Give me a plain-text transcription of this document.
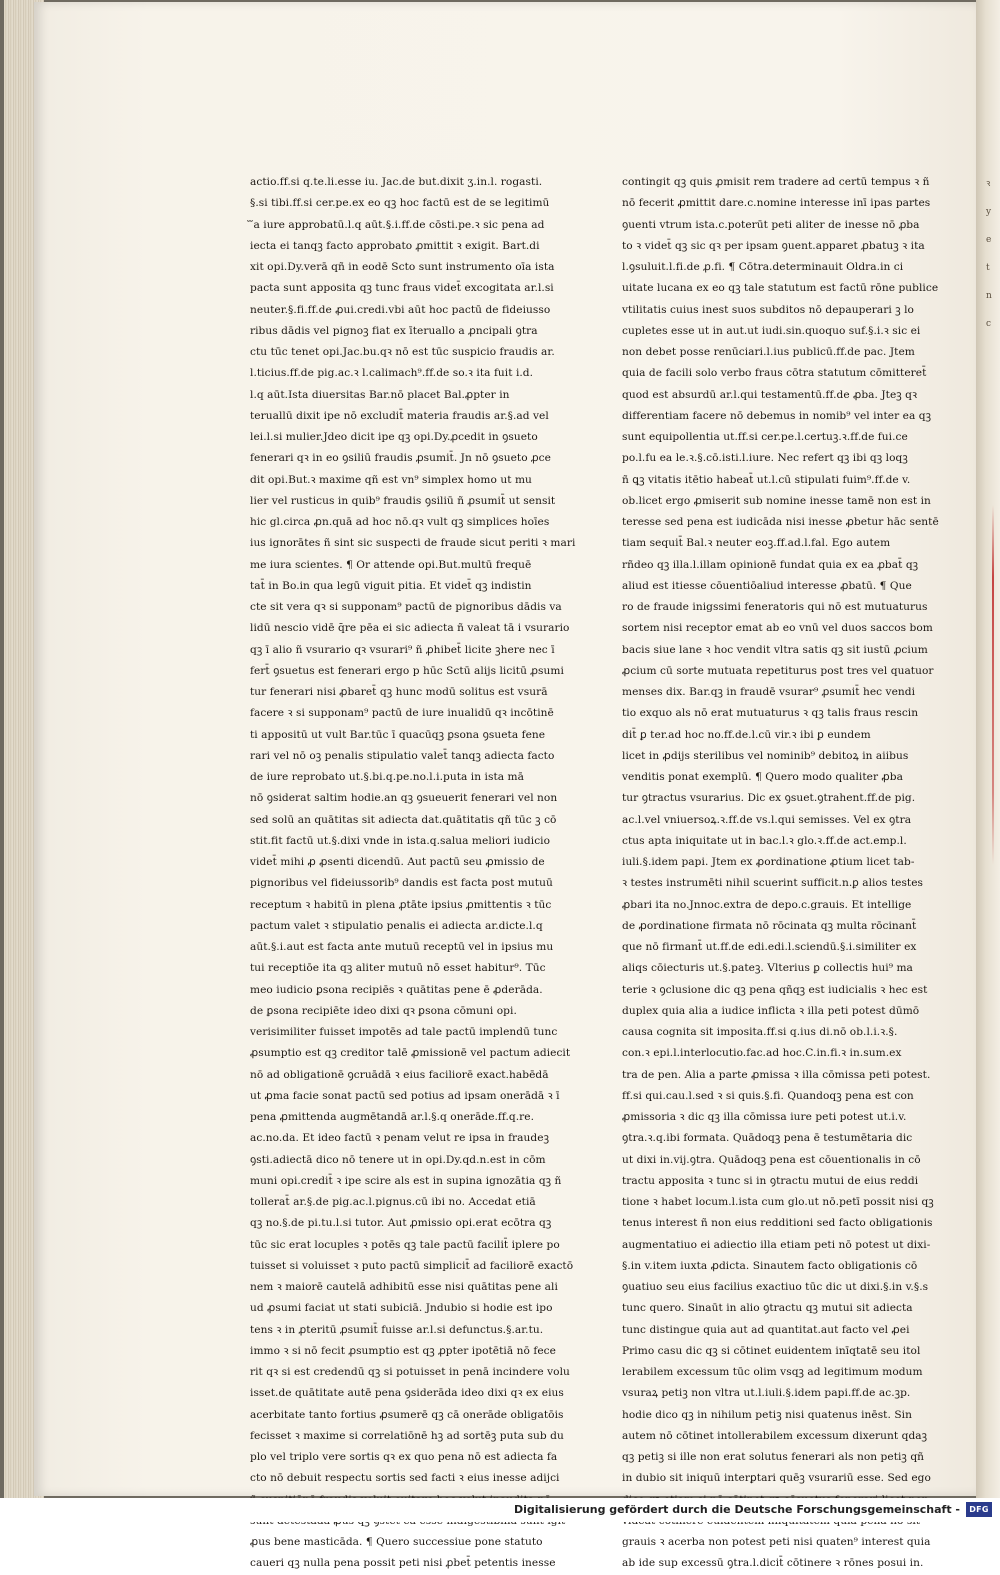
ꝛ
y
e
t
n
c
actio.ff.si q.te.li.esse iu. Jac.de but.dixit ʒ.in.l. rogasti.
§.si tibi.ff.si cer.pe.ex eo qꝫ hoc factū est de se legitimū
ᷓ a iure approbatū.l.q aūt.§.i.ff.de cōsti.pe.ꝛ sic pena ad
iecta ei tanqꝫ facto approbato ꝓmittit ꝛ exigit. Bart.di
xit opi.Dy.verā qñ in eodē Scto sunt instrumento oīa ista
pacta sunt apposita qꝫ tunc fraus videt̄ excogitata ar.l.si
neuter.§.fi.ff.de ꝓui.credi.vbi aūt hoc pactū de fideiusso
ribus dādis vel pignoꝫ fiat ex īteruallo a ꝓncipali ꝯtra
ctu tūc tenet opi.Jac.bu.qꝛ nō est tūc suspicio fraudis ar.
l.ticius.ff.de pig.ac.ꝛ l.calimach⁹.ff.de so.ꝛ ita fuit i.d.
l.q aūt.Ista diuersitas Bar.nō placet Bal.ꝓpter in
teruallū dixit ipe nō excludit̄ materia fraudis ar.§.ad vel
lei.l.si mulier.Jdeo dicit ipe qꝫ opi.Dy.ꝓcedit in ꝯsueto
fenerari qꝛ in eo ꝯsiliū fraudis ꝓsumit̄. Jn nō ꝯsueto ꝓce
dit opi.But.ꝛ maxime qñ est vn⁹ simplex homo ut mu
lier vel rusticus in quib⁹ fraudis ꝯsiliū ñ ꝓsumit̄ ut sensit
hic gl.circa ꝓn.quā ad hoc nō.qꝛ vult qꝫ simplices hoīes
ius ignorātes ñ sint sic suspecti de fraude sicut periti ꝛ mari
me iura scientes. ¶ Or attende opi.But.multū frequē
tat̄ in Bo.in qua legū viguit pitia. Et videt̄ qꝫ indistin
cte sit vera qꝛ si supponam⁹ pactū de pignoribus dādis va
lidū nescio vidē q̄re pēa ei sic adiecta ñ valeat tā i vsurario
qꝫ ī alio ñ vsurario qꝛ vsurari⁹ ñ ꝓhibet̄ licite ꝫhere nec ī
fert̄ ꝯsuetus est fenerari ergo p hūc Sctū alijs licitū ꝓsumi
tur fenerari nisi ꝓbaret̄ qꝫ hunc modū solitus est vsurā
facere ꝛ si supponam⁹ pactū de iure inualidū qꝛ incōtinē
ti appositū ut vult Bar.tūc ī quacūqꝫ ꝑsona ꝯsueta fene
rari vel nō oꝫ penalis stipulatio valet̄ tanqꝫ adiecta facto
de iure reprobato ut.§.bi.q.pe.no.l.i.puta in ista mā
nō ꝯsiderat saltim hodie.an qꝫ ꝯsueuerit fenerari vel non
sed solū an quātitas sit adiecta dat.quātitatis qñ tūc ꝫ cō
stit.fit factū ut.§.dixi vnde in ista.q.salua meliori iudicio
videt̄ mihi ꝓ ꝓsenti dicendū. Aut pactū seu ꝓmissio de
pignoribus vel fideiussorib⁹ dandis est facta post mutuū
receptum ꝛ habitū in plena ꝓtāte ipsius ꝓmittentis ꝛ tūc
pactum valet ꝛ stipulatio penalis ei adiecta ar.dicte.l.q
aūt.§.i.aut est facta ante mutuū receptū vel in ipsius mu
tui receptiōe ita qꝫ aliter mutuū nō esset habitur⁹. Tūc
meo iudicio ꝑsona recipiēs ꝛ quātitas pene ē ꝓderāda.
de ꝑsona recipiēte ideo dixi qꝛ ꝑsona cōmuni opi.
verisimiliter fuisset impotēs ad tale pactū implendū tunc
ꝓsumptio est qꝫ creditor talē ꝓmissionē vel pactum adiecit
nō ad obligationē ꝯcruādā ꝛ eius faciliorē exact.habēdā
ut ꝓma facie sonat pactū sed potius ad ipsam onerādā ꝛ ī
pena ꝓmittenda augmētandā ar.l.§.q onerāde.ff.q.re.
ac.no.da. Et ideo factū ꝛ penam velut re ipsa in fraudeꝫ
ꝯsti.adiectā dico nō tenere ut in opi.Dy.qd.n.est in cōm
muni opi.credit̄ ꝛ ipe scire als est in supina ignozātia qꝫ ñ
tollerat̄ ar.§.de pig.ac.l.pignus.cū ibi no. Accedat etiā
qꝫ no.§.de pi.tu.l.si tutor. Aut ꝓmissio opi.erat ecōtra qꝫ
tūc sic erat locuples ꝛ potēs qꝫ tale pactū facilit̄ iplere po
tuisset si voluisset ꝛ puto pactū simplicit̄ ad faciliorē exactō
nem ꝛ maiorē cautelā adhibitū esse nisi quātitas pene ali
ud ꝓsumi faciat ut stati subiciā. Jndubio si hodie est ipo
tens ꝛ in ꝓteritū ꝓsumit̄ fuisse ar.l.si defunctus.§.ar.tu.
immo ꝛ si nō fecit ꝓsumptio est qꝫ ꝓpter ipotētiā nō fece
rit qꝛ si est credendū qꝫ si potuisset in penā incindere volu
isset.de quātitate autē pena ꝯsiderāda ideo dixi qꝛ ex eius
acerbitate tanto fortius ꝓsumerē qꝫ cā onerāde obligatōis
fecisset ꝛ maxime si correlatiōnē hꝫ ad sortēꝫ puta sub du
plo vel triplo vere sortis qꝛ ex quo pena nō est adiecta fa
cto nō debuit respectu sortis sed facti ꝛ eius inesse adijci
ꝓus bene masticāda. ¶ Quero successiue pone statuto
caueri qꝫ nulla pena possit peti nisi ꝓbet̄ petentis inesse
contingit qꝫ quis ꝓmisit rem tradere ad certū tempus ꝛ ñ
nō fecerit ꝓmittit dare.c.nomine interesse inī ipas partes
ꝯuenti vtrum ista.c.poterūt peti aliter de inesse nō ꝓba
to ꝛ videt̄ qꝫ sic qꝛ per ipsam ꝯuent.apparet ꝓbatuꝫ ꝛ ita
l.ꝯsuluit.l.fi.de ꝓ.fi. ¶ Cōtra.determinauit Oldra.in ci
uitate lucana ex eo qꝫ tale statutum est factū rōne publice
vtilitatis cuius inest suos subditos nō depauperari ꝫ lo
cupletes esse ut in aut.ut iudi.sin.quoquo suf.§.i.ꝛ sic ei
non debet posse renūciari.l.ius publicū.ff.de pac. Jtem
quia de facili solo verbo fraus cōtra statutum cōmitteret̄
quod est absurdū ar.l.qui testamentū.ff.de ꝓba. Jteꝫ qꝛ
differentiam facere nō debemus in nomib⁹ vel inter ea qꝫ
sunt equipollentia ut.ff.si cer.pe.l.certuꝫ.ꝛ.ff.de fui.ce
po.l.fu ea le.ꝛ.§.cō.isti.l.iure. Nec refert qꝫ ibi qꝫ loqꝫ
ñ ꝗꝫ vitatis itētio habeat̄ ut.l.cū stipulati fuim⁹.ff.de v.
ob.licet ergo ꝓmiserit sub nomine inesse tamē non est in
teresse sed pena est iudicāda nisi inesse ꝓbetur hāc sentē
tiam sequit̄ Bal.ꝛ neuter eoꝫ.ff.ad.l.fal. Ego autem
rñdeo qꝫ illa.l.illam opinionē fundat quia ex ea ꝓbat̄ qꝫ
aliud est itiesse cōuentiōaliud interesse ꝓbatū. ¶ Que
ro de fraude inigssimi feneratoris qui nō est mutuaturus
sortem nisi receptor emat ab eo vnū vel duos saccos bom
bacis siue lane ꝛ hoc vendit vltra satis qꝫ sit iustū ꝓcium
ꝓcium cū sorte mutuata repetiturus post tres vel quatuor
menses dix. Bar.qꝫ in fraudē vsurar⁹ ꝓsumit̄ hec vendi
tio exquo als nō erat mutuaturus ꝛ qꝫ talis fraus rescin
dit̄ ꝑ ter.ad hoc no.ff.de.l.cū vir.ꝛ ibi ꝑ eundem
licet in ꝓdijs sterilibus vel nominib⁹ debitoꝝ in aiibus
venditis ponat exemplū. ¶ Quero modo qualiter ꝓba
tur ꝯtractus vsurarius. Dic ex ꝯsuet.ꝯtrahent.ff.de pig.
ac.l.vel vniuersoꝝ.ꝛ.ff.de vs.l.qui semisses. Vel ex ꝯtra
ctus apta iniquitate ut in bac.l.ꝛ glo.ꝛ.ff.de act.emp.l.
iuli.§.idem papi. Jtem ex ꝓordinatione ꝓtium licet tab-
ꝛ testes instrumēti nihil scuerint sufficit.n.ꝑ alios testes
ꝓbari ita no.Jnnoc.extra de depo.c.grauis. Et intellige
de ꝓordinatione firmata nō rōcinata qꝫ multa rōcinant̄
que nō firmant̄ ut.ff.de edi.edi.l.sciendū.§.i.similiter ex
aliqs cōiecturis ut.§.pateꝫ. Vlterius ꝑ collectis hui⁹ ma
terie ꝛ ꝯclusione dic qꝫ pena qñqꝫ est iudicialis ꝛ hec est
duplex quia alia a iudice inflicta ꝛ illa peti potest dūmō
causa cognita sit imposita.ff.si q.ius di.nō ob.l.i.ꝛ.§.
con.ꝛ epi.l.interlocutio.fac.ad hoc.C.in.fi.ꝛ in.sum.ex
tra de pen. Alia a parte ꝓmissa ꝛ illa cōmissa peti potest.
ff.si qui.cau.l.sed ꝛ si quis.§.fi. Quandoqꝫ pena est con
ꝓmissoria ꝛ dic qꝫ illa cōmissa iure peti potest ut.i.v.
ꝯtra.ꝛ.q.ibi formata. Quādoqꝫ pena ē testumētaria dic
ut dixi in.vij.ꝯtra. Quādoqꝫ pena est cōuentionalis in cō
tractu apposita ꝛ tunc si in ꝯtractu mutui de eius reddi
tione ꝛ habet locum.l.ista cum glo.ut nō.petī possit nisi qꝫ
tenus interest ñ non eius redditioni sed facto obligationis
augmentatiuo ei adiectio illa etiam peti nō potest ut dixi-
§.in v.item iuxta ꝓdicta. Sinautem facto obligationis cō
ꝯuatiuo seu eius facilius exactiuo tūc dic ut dixi.§.in v.§.s
tunc quero. Sinaūt in alio ꝯtractu qꝫ mutui sit adiecta
tunc distingue quia aut ad quantitat.aut facto vel ꝓei
Primo casu dic qꝫ si cōtinet euidentem inīqtatē seu itol
lerabilem excessum tūc olim vsqꝫ ad legitimum modum
vsuraꝝ petiꝫ non vltra ut.l.iuli.§.idem papi.ff.de ac.ꝫp.
hodie dico qꝫ in nihilum petiꝫ nisi quatenus inēst. Sin
autem nō cōtinet intollerabilem excessum dixerunt qdaꝫ
qꝫ petiꝫ si ille non erat solutus fenerari als non petiꝫ qñ
in dubio sit iniquū interꝑtari quēꝫ vsurariū esse. Sed ego
grauis ꝛ acerba non potest peti nisi quaten⁹ interest quia
ab ide sup excessū ꝯtra.l.dicit̄ cōtinere ꝛ rōnes posui in.
Digitalisierung gefördert durch die Deutsche Forschungsgemeinschaft -	DFG
